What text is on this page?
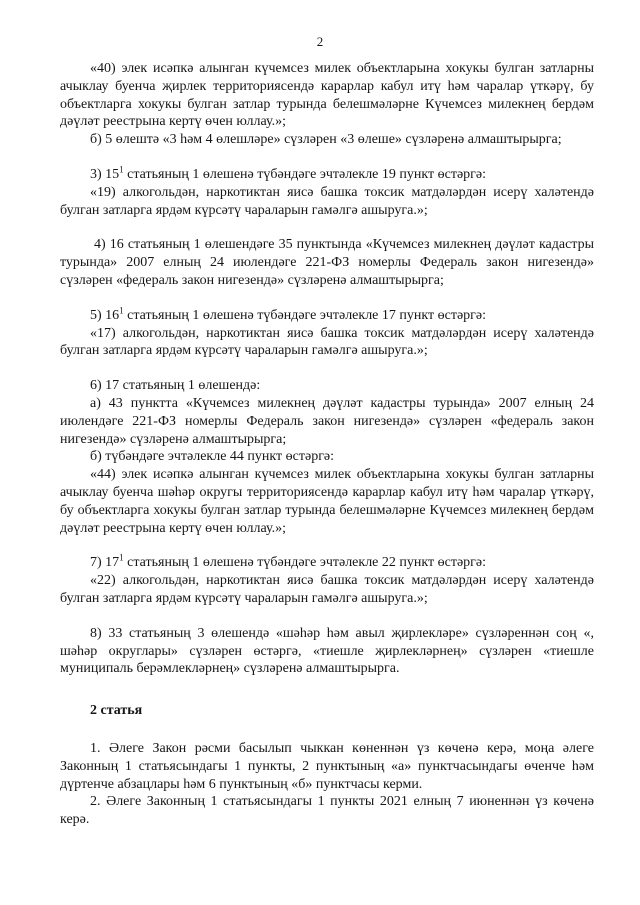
2

«40) элек исәпкә алынган күчемсез милек объектларына хокукы булган затларны ачыклау буенча җирлек территориясендә карарлар кабул итү һәм чаралар үткәрү, бу объектларга хокукы булган затлар турында белешмәләрне Күчемсез милекнең бердәм дәүләт реестрына кертү өчен юллау.»;

б) 5 өлештә «3 һәм 4 өлешләре» сүзләрен «3 өлеше» сүзләренә алмаштырырга;

3) $15^1$ статьяның 1 өлешенә түбәндәге эчтәлекле 19 пункт өстәргә:

«19) алкогольдән, наркотиктан яисә башка токсик матдәләрдән исерү халәтендә булган затларга ярдәм күрсәтү чараларын гамәлгә ашыруга.»;

4) 16 статьяның 1 өлешендәге 35 пунктында «Күчемсез милекнең дәүләт кадастры турында» 2007 елның 24 июлендәге 221-ФЗ номерлы Федераль закон нигезендә» сүзләрен «федераль закон нигезендә» сүзләренә алмаштырырга;

5) $16^1$ статьяның 1 өлешенә түбәндәге эчтәлекле 17 пункт өстәргә:

«17) алкогольдән, наркотиктан яисә башка токсик матдәләрдән исерү халәтендә булган затларга ярдәм күрсәтү чараларын гамәлгә ашыруга.»;

6) 17 статьяның 1 өлешендә:

а) 43 пунктта «Күчемсез милекнең дәүләт кадастры турында» 2007 елның 24 июлендәге 221-ФЗ номерлы Федераль закон нигезендә» сүзләрен «федераль закон нигезендә» сүзләренә алмаштырырга;

б) түбәндәге эчтәлекле 44 пункт өстәргә:

«44) элек исәпкә алынган күчемсез милек объектларына хокукы булган затларны ачыклау буенча шәһәр округы территориясендә карарлар кабул итү һәм чаралар үткәрү, бу объектларга хокукы булган затлар турында белешмәләрне Күчемсез милекнең бердәм дәүләт реестрына кертү өчен юллау.»;

7) $17^1$ статьяның 1 өлешенә түбәндәге эчтәлекле 22 пункт өстәргә:

«22) алкогольдән, наркотиктан яисә башка токсик матдәләрдән исерү халәтендә булган затларга ярдәм күрсәтү чараларын гамәлгә ашыруга.»;

8) 33 статьяның 3 өлешендә «шәһәр һәм авыл җирлекләре» сүзләреннән соң «, шәһәр округлары» сүзләрен өстәргә, «тиешле җирлекләрнең» сүзләрен «тиешле муниципаль берәмлекләрнең» сүзләренә алмаштырырга.

2 статья

1. Әлеге Закон рәсми басылып чыккан көненнән үз көченә керә, моңа әлеге Законның 1 статьясындагы 1 пункты, 2 пунктының «а» пунктчасындагы өченче һәм дүртенче абзацлары һәм 6 пунктының «б» пунктчасы керми.

2. Әлеге Законның 1 статьясындагы 1 пункты 2021 елның 7 июненнән үз көченә керә.
